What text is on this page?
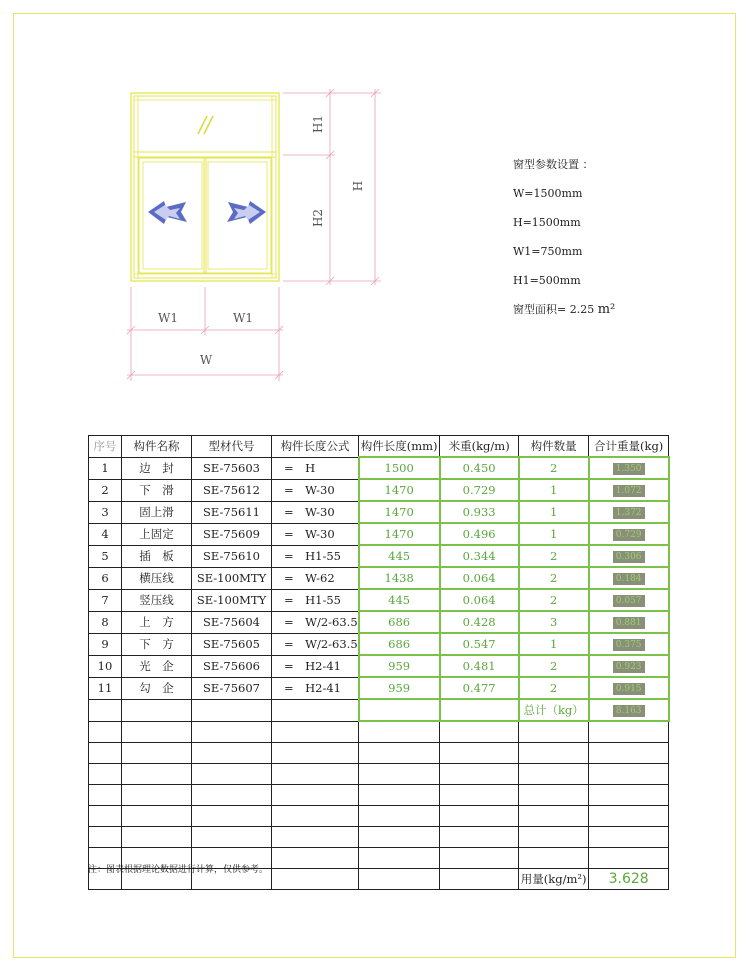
H1
H2
H
W1	W1
W
窗型参数设置 ：
W=1500mm
H=1500mm
W1=750mm
H1=500mm
窗型面积= 2.25 m²
序号	构件名称	型材代号	构件长度公式	构件长度(mm)	米重(kg/m)	构件数量	合计重量(kg)
1	边　封	SE-75603	=　H	1500	0.450	2	1.350
2	下　滑	SE-75612	=　W-30	1470	0.729	1	1.072
3	固上滑	SE-75611	=　W-30	1470	0.933	1	1.372
4	上固定	SE-75609	=　W-30	1470	0.496	1	0.729
5	插　板	SE-75610	=　H1-55	445	0.344	2	0.306
6	横压线	SE-100MTY	=　W-62	1438	0.064	2	0.184
7	竖压线	SE-100MTY	=　H1-55	445	0.064	2	0.057
8	上　方	SE-75604	=　W/2-63.5	686	0.428	3	0.881
9	下　方	SE-75605	=　W/2-63.5	686	0.547	1	0.375
10	光　企	SE-75606	=　H2-41	959	0.481	2	0.923
11	勾　企	SE-75607	=　H2-41	959	0.477	2	0.915
						总计（kg）	8.163

						用量(kg/m²)	3.628
注：图表根据理论数据进行计算，仅供参考。
